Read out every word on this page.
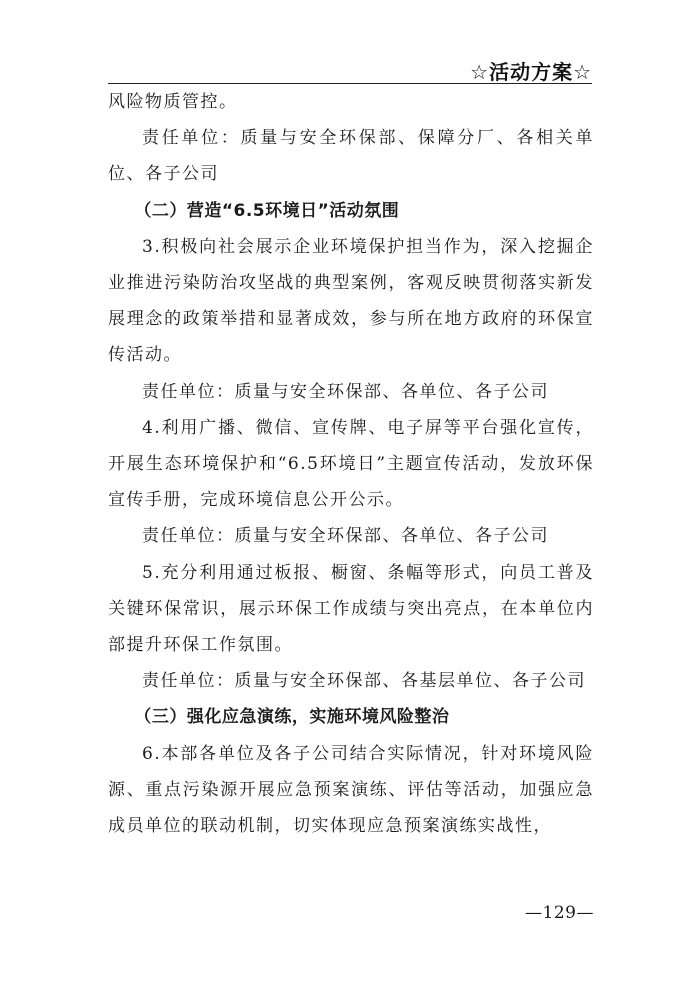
☆活动方案☆

风险物质管控。

责任单位：质量与安全环保部、保障分厂、各相关单位、各子公司

（二）营造“6.5环境日”活动氛围

3.积极向社会展示企业环境保护担当作为，深入挖掘企业推进污染防治攻坚战的典型案例，客观反映贯彻落实新发展理念的政策举措和显著成效，参与所在地方政府的环保宣传活动。

责任单位：质量与安全环保部、各单位、各子公司

4.利用广播、微信、宣传牌、电子屏等平台强化宣传，开展生态环境保护和“6.5环境日”主题宣传活动，发放环保宣传手册，完成环境信息公开公示。

责任单位：质量与安全环保部、各单位、各子公司

5.充分利用通过板报、橱窗、条幅等形式，向员工普及关键环保常识，展示环保工作成绩与突出亮点，在本单位内部提升环保工作氛围。

责任单位：质量与安全环保部、各基层单位、各子公司

（三）强化应急演练，实施环境风险整治

6.本部各单位及各子公司结合实际情况，针对环境风险源、重点污染源开展应急预案演练、评估等活动，加强应急成员单位的联动机制，切实体现应急预案演练实战性，

—129—
